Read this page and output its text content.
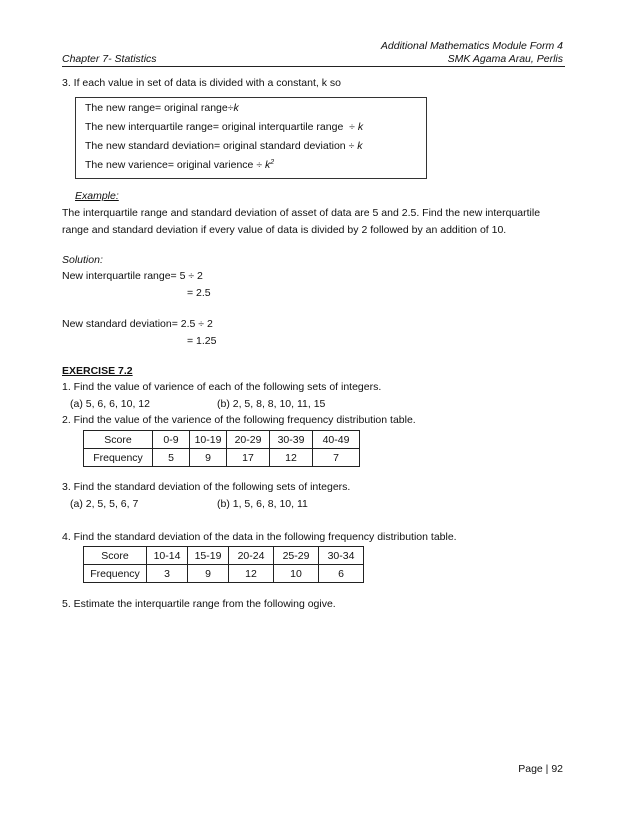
Additional Mathematics Module Form 4
Chapter 7- Statistics	SMK Agama Arau, Perlis
3. If each value in set of data is divided with a constant, k so
The new range= original range÷k
The new interquartile range= original interquartile range ÷ k
The new standard deviation= original standard deviation ÷ k
The new varience= original varience ÷ $k^2$
Example:
The interquartile range and standard deviation of asset of data are 5 and 2.5. Find the new interquartile
range and standard deviation if every value of data is divided by 2 followed by an addition of 10.
Solution:
New interquartile range= 5 ÷ 2
= 2.5
New standard deviation= 2.5 ÷ 2
= 1.25
EXERCISE 7.2
1. Find the value of varience of each of the following sets of integers.
(a) 5, 6, 6, 10, 12	(b) 2, 5, 8, 8, 10, 11, 15
2. Find the value of the varience of the following frequency distribution table.
Score	0-9	10-19	20-29	30-39	40-49
Frequency	5	9	17	12	7
3. Find the standard deviation of the following sets of integers.
(a) 2, 5, 5, 6, 7	(b) 1, 5, 6, 8, 10, 11
4. Find the standard deviation of the data in the following frequency distribution table.
Score	10-14	15-19	20-24	25-29	30-34
Frequency	3	9	12	10	6
5. Estimate the interquartile range from the following ogive.
Page | 92
